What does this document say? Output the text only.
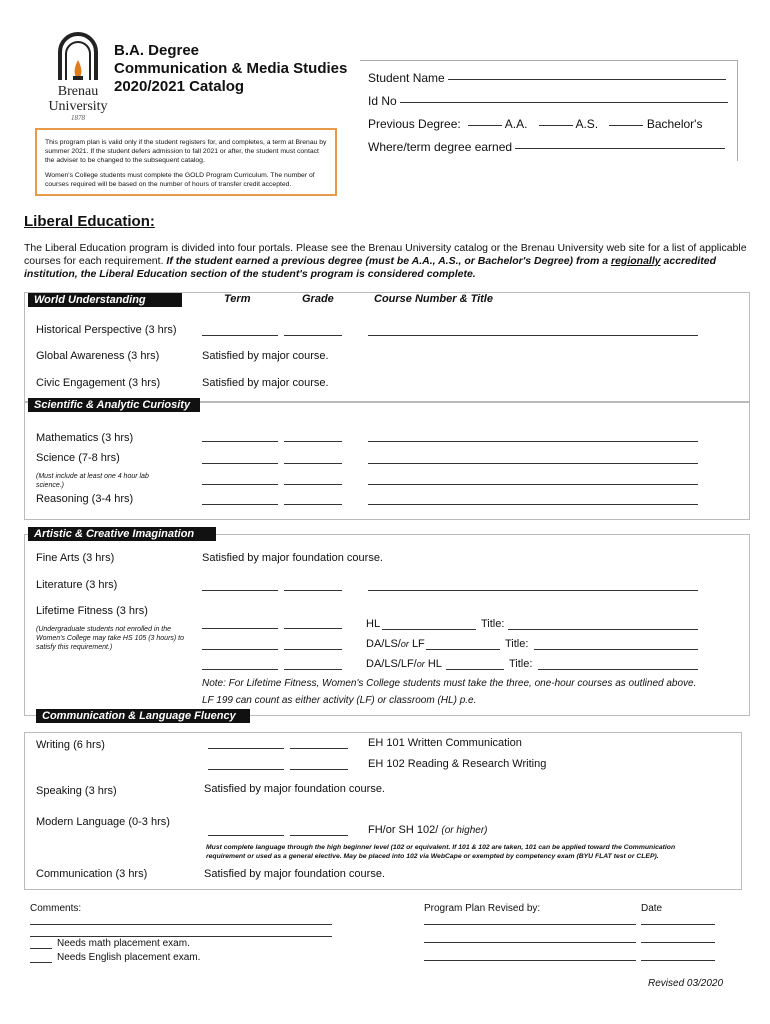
Brenau
University
1878
B.A. Degree
Communication & Media Studies
2020/2021 Catalog

This program plan is valid only if the student registers for, and completes, a term at Brenau by summer 2021. If the student defers admission to fall 2021 or after, the student must contact the adviser to be changed to the subsequent catalog.

Women's College students must complete the GOLD Program Curriculum. The number of courses required will be based on the number of hours of transfer credit accepted.

Student Name
Id No
Previous Degree:	A.A.	A.S.	Bachelor's
Where/term degree earned
Liberal Education:
The Liberal Education program is divided into four portals. Please see the Brenau University catalog or the Brenau University web site for a list of applicable courses for each requirement. If the student earned a previous degree (must be A.A., A.S., or Bachelor's Degree) from a regionally accredited institution, the Liberal Education section of the student's program is considered complete.
World Understanding	Term	Grade	Course Number & Title
Historical Perspective (3 hrs)
Global Awareness (3 hrs)	Satisfied by major course.
Civic Engagement (3 hrs)	Satisfied by major course.
Scientific & Analytic Curiosity
Mathematics (3 hrs)
Science (7-8 hrs)
(Must include at least one 4 hour lab science.)
Reasoning (3-4 hrs)
Artistic & Creative Imagination
Fine Arts (3 hrs)	Satisfied by major foundation course.
Literature (3 hrs)
Lifetime Fitness (3 hrs)
(Undergraduate students not enrolled in the Women's College may take HS 105 (3 hours) to satisfy this requirement.)
HL	Title:
DA/LS/or LF	Title:
DA/LS/LF/or HL	Title:
Note: For Lifetime Fitness, Women's College students must take the three, one-hour courses as outlined above.
LF 199 can count as either activity (LF) or classroom (HL) p.e.
Communication & Language Fluency
Writing (6 hrs)	EH 101 Written Communication
EH 102 Reading & Research Writing
Speaking (3 hrs)	Satisfied by major foundation course.
Modern Language (0-3 hrs)
FH/or SH 102/ (or higher)
Must complete language through the high beginner level (102 or equivalent. If 101 & 102 are taken, 101 can be applied toward the Communication requirement or used as a general elective. May be placed into 102 via WebCape or exempted by competency exam (BYU FLAT test or CLEP).
Communication (3 hrs)	Satisfied by major foundation course.
Comments:
Needs math placement exam.
Needs English placement exam.
Program Plan Revised by:	Date
Revised 03/2020
